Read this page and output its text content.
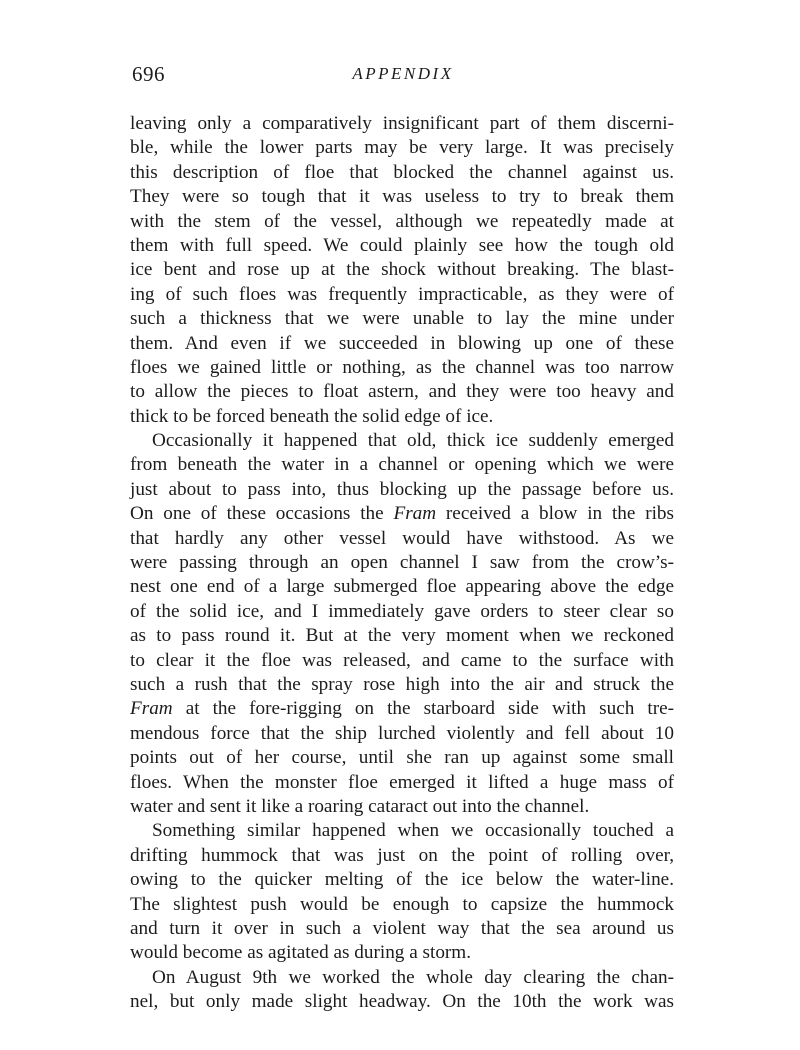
696	APPENDIX
leaving only a comparatively insignificant part of them discerni-
ble, while the lower parts may be very large. It was precisely
this description of floe that blocked the channel against us.
They were so tough that it was useless to try to break them
with the stem of the vessel, although we repeatedly made at
them with full speed. We could plainly see how the tough old
ice bent and rose up at the shock without breaking. The blast-
ing of such floes was frequently impracticable, as they were of
such a thickness that we were unable to lay the mine under
them. And even if we succeeded in blowing up one of these
floes we gained little or nothing, as the channel was too narrow
to allow the pieces to float astern, and they were too heavy and
thick to be forced beneath the solid edge of ice.
Occasionally it happened that old, thick ice suddenly emerged
from beneath the water in a channel or opening which we were
just about to pass into, thus blocking up the passage before us.
On one of these occasions the Fram received a blow in the ribs
that hardly any other vessel would have withstood. As we
were passing through an open channel I saw from the crow’s-
nest one end of a large submerged floe appearing above the edge
of the solid ice, and I immediately gave orders to steer clear so
as to pass round it. But at the very moment when we reckoned
to clear it the floe was released, and came to the surface with
such a rush that the spray rose high into the air and struck the
Fram at the fore-rigging on the starboard side with such tre-
mendous force that the ship lurched violently and fell about 10
points out of her course, until she ran up against some small
floes. When the monster floe emerged it lifted a huge mass of
water and sent it like a roaring cataract out into the channel.
Something similar happened when we occasionally touched a
drifting hummock that was just on the point of rolling over,
owing to the quicker melting of the ice below the water-line.
The slightest push would be enough to capsize the hummock
and turn it over in such a violent way that the sea around us
would become as agitated as during a storm.
On August 9th we worked the whole day clearing the chan-
nel, but only made slight headway. On the 10th the work was
